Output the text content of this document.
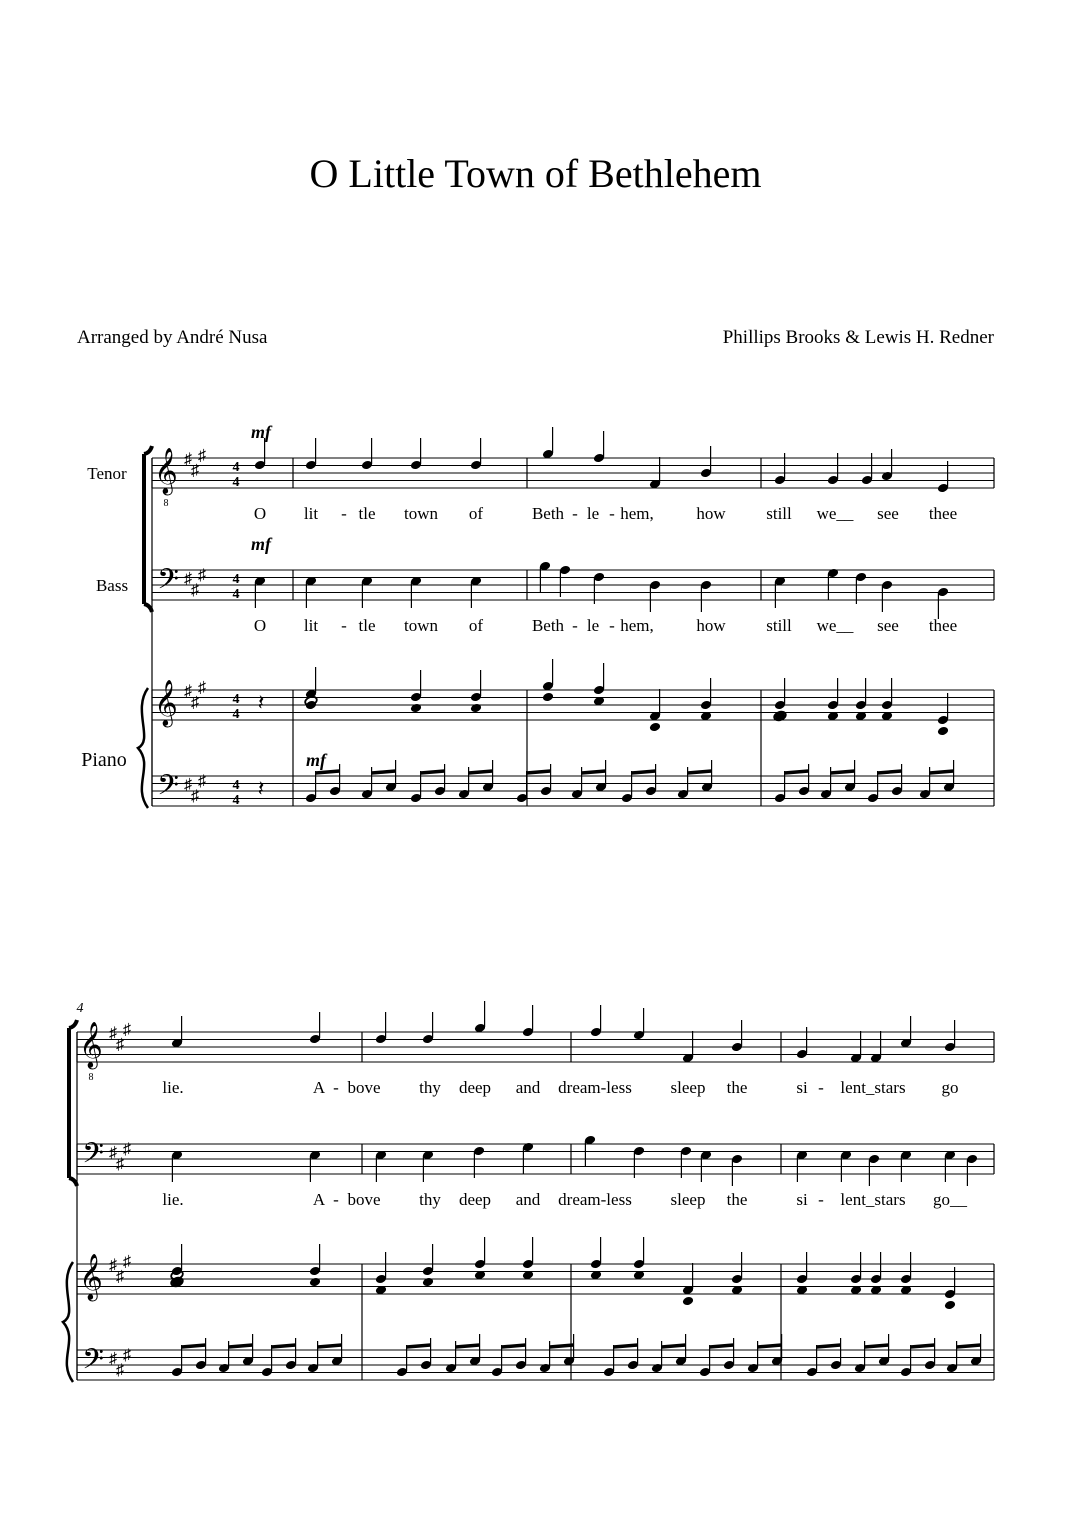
O Little Town of Bethlehem
Arranged by André Nusa	Phillips Brooks & Lewis H. Redner
𝄞
8
𝄢
𝄞
𝄢
♯
♯
♯
♯
♯
♯
♯
♯
♯
♯
♯
♯
4
4
4
4
4
4
4
4
Tenor
Bass
Piano
mf
mf
mf
𝄽
𝄽
O lit - tle town of	Beth - le - hem,	how still we__ see thee
O lit - tle town of	Beth - le - hem,	how still we__ see thee
𝄞
8
𝄢
𝄞
𝄢
♯
♯
♯
♯
♯
♯
♯
♯
♯
♯
♯
♯
4
lie.	A - bove thy deep and dream-less sleep the	si - lent_stars go
lie.	A - bove thy deep and dream-less sleep the	si - lent_stars go__
